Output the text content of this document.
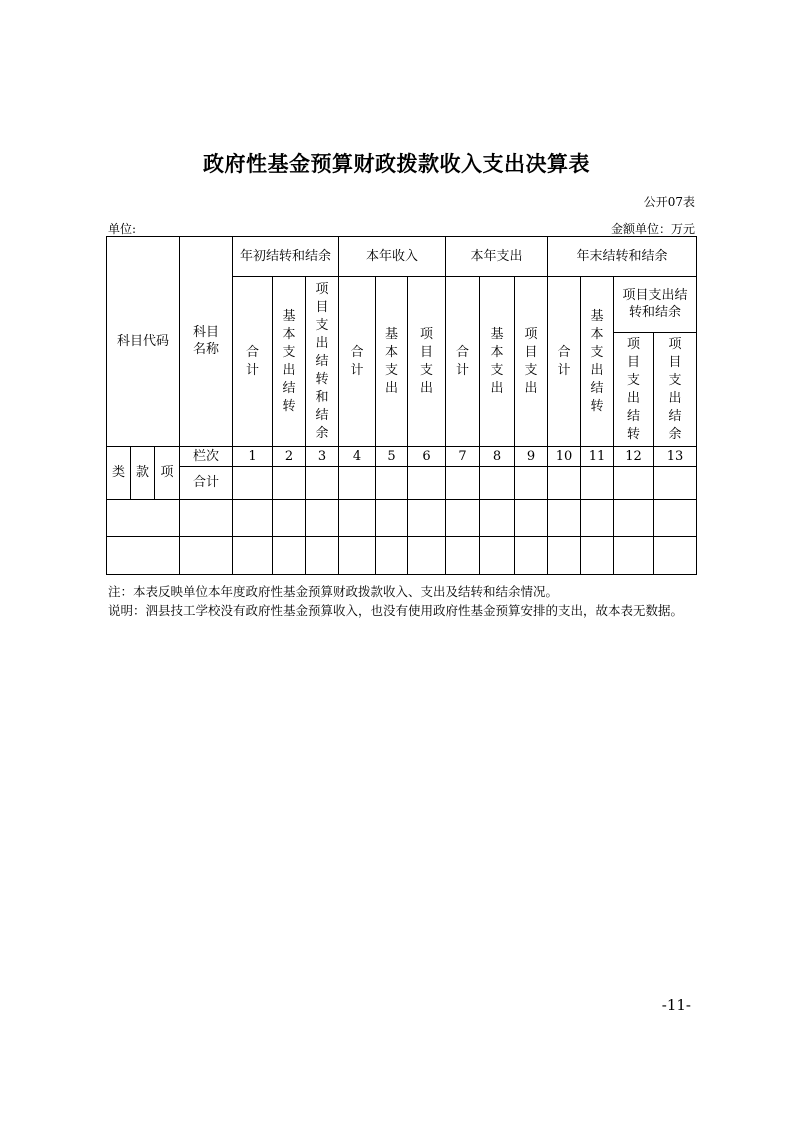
政府性基金预算财政拨款收入支出决算表
公开07表
单位:	金额单位：万元
科目代码			科目名称	年初结转和结余			本年收入			本年支出			年末结转和结余			
				合计	基本支出结转	项目支出结转和结余	合计	基本支出	项目支出	合计	基本支出	项目支出	合计	基本支出结转	项目支出结转和结余	
															项目支出结转	项目支出结余
类	款	项	栏次	1	2	3	4	5	6	7	8	9	10	11	12	13
			合计													

注：本表反映单位本年度政府性基金预算财政拨款收入、支出及结转和结余情况。
说明：泗县技工学校没有政府性基金预算收入，也没有使用政府性基金预算安排的支出，故本表无数据。
-11-
